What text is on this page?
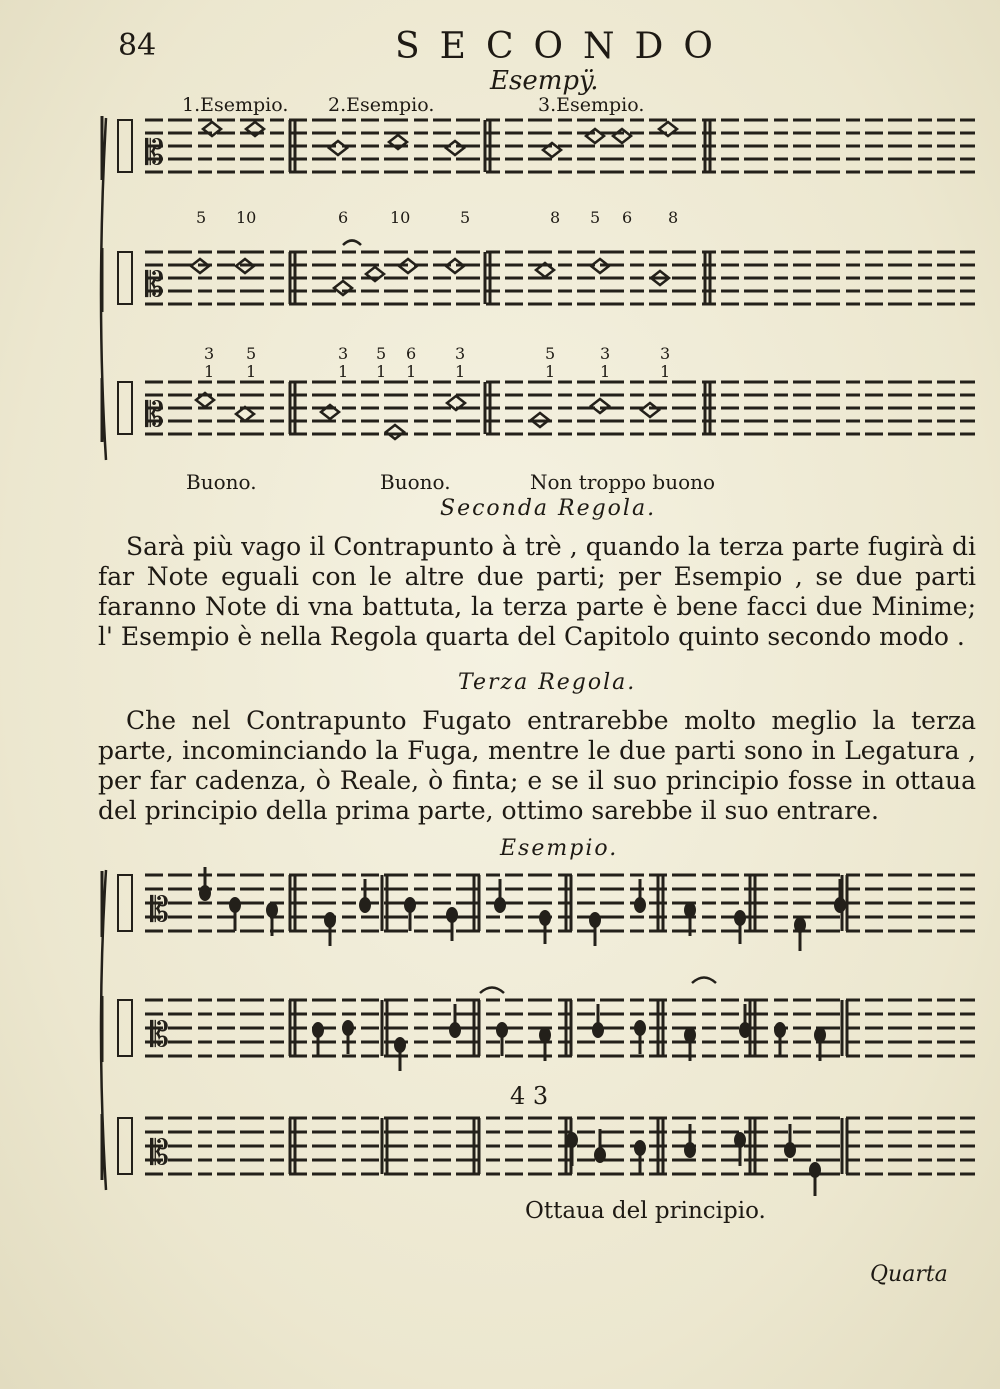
84	SECONDO
Esempÿ.
1.Esempio. 2.Esempio.	3.Esempio.
𝄡
𝄡
𝄡
𝄡
𝄡
𝄡
5 10	6	10	5	8 5 6 8
3 5	3 5 6 3	5	3	3
1 1	1 1 1 1	1	1	1
Buono.	Buono.	Non troppo buono
Seconda Regola.
Sarà più vago il Contrapunto à trè , quando la terza parte fugirà di far Note eguali con le altre due parti; per Esempio , se due parti faranno Note di vna battuta, la terza parte è bene facci due Minime; l' Esempio è nella Regola quarta del Capitolo quinto secondo modo .
Terza Regola.
Che nel Contrapunto Fugato entrarebbe molto meglio la terza parte, incominciando la Fuga, mentre le due parti sono in Legatura , per far cadenza, ò Reale, ò finta; e se il suo principio fosse in ottaua del principio della prima parte, ottimo sarebbe il suo entrare.
Esempio.
4 3
Ottaua del principio.
Quarta
